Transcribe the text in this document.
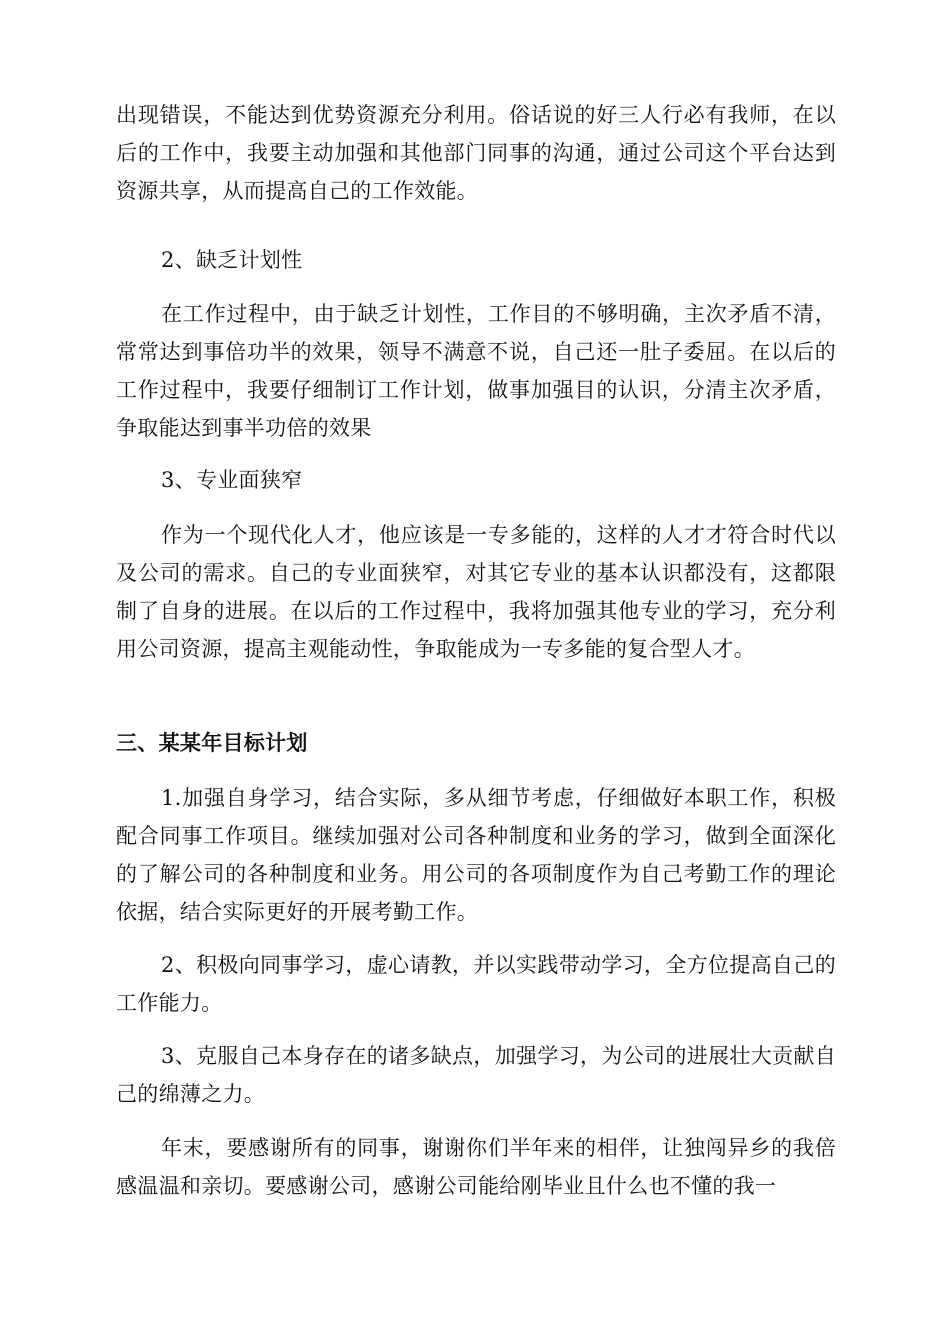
出现错误，不能达到优势资源充分利用。俗话说的好三人行必有我师，在以后的工作中，我要主动加强和其他部门同事的沟通，通过公司这个平台达到资源共享，从而提高自己的工作效能。

2、缺乏计划性

在工作过程中，由于缺乏计划性，工作目的不够明确，主次矛盾不清，常常达到事倍功半的效果，领导不满意不说，自己还一肚子委屈。在以后的工作过程中，我要仔细制订工作计划，做事加强目的认识，分清主次矛盾，争取能达到事半功倍的效果

3、专业面狭窄

作为一个现代化人才，他应该是一专多能的，这样的人才才符合时代以及公司的需求。自己的专业面狭窄，对其它专业的基本认识都没有，这都限制了自身的进展。在以后的工作过程中，我将加强其他专业的学习，充分利用公司资源，提高主观能动性，争取能成为一专多能的复合型人才。

三、某某年目标计划

1.加强自身学习，结合实际，多从细节考虑，仔细做好本职工作，积极配合同事工作项目。继续加强对公司各种制度和业务的学习，做到全面深化的了解公司的各种制度和业务。用公司的各项制度作为自己考勤工作的理论依据，结合实际更好的开展考勤工作。

2、积极向同事学习，虚心请教，并以实践带动学习，全方位提高自己的工作能力。

3、克服自己本身存在的诸多缺点，加强学习，为公司的进展壮大贡献自己的绵薄之力。

年末，要感谢所有的同事，谢谢你们半年来的相伴，让独闯异乡的我倍感温温和亲切。要感谢公司，感谢公司能给刚毕业且什么也不懂的我一
